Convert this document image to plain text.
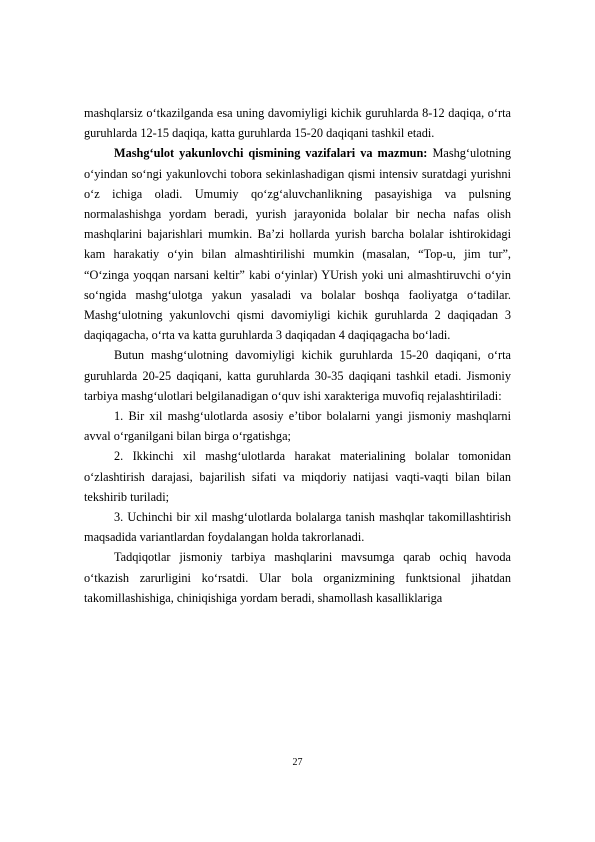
mashqlarsiz o‘tkazilganda esa uning davomiyligi kichik guruhlarda 8-12 daqiqa, o‘rta guruhlarda 12-15 daqiqa, katta guruhlarda 15-20 daqiqani tashkil etadi.

Mashg‘ulot yakunlovchi qismining vazifalari va mazmun: Mashg‘ulotning o‘yindan so‘ngi yakunlovchi tobora sekinlashadigan qismi intensiv suratdagi yurishni o‘z ichiga oladi. Umumiy qo‘zg‘aluvchanlikning pasayishiga va pulsning normalashishga yordam beradi, yurish jarayonida bolalar bir necha nafas olish mashqlarini bajarishlari mumkin. Ba’zi hollarda yurish barcha bolalar ishtirokidagi kam harakatiy o‘yin bilan almashtirilishi mumkin (masalan, “Top-u, jim tur”, “O‘zinga yoqqan narsani keltir” kabi o‘yinlar) YUrish yoki uni almashtiruvchi o‘yin so‘ngida mashg‘ulotga yakun yasaladi va bolalar boshqa faoliyatga o‘tadilar. Mashg‘ulotning yakunlovchi qismi davomiyligi kichik guruhlarda 2 daqiqadan 3 daqiqagacha, o‘rta va katta guruhlarda 3 daqiqadan 4 daqiqagacha bo‘ladi.

Butun mashg‘ulotning davomiyligi kichik guruhlarda 15-20 daqiqani, o‘rta guruhlarda 20-25 daqiqani, katta guruhlarda 30-35 daqiqani tashkil etadi. Jismoniy tarbiya mashg‘ulotlari belgilanadigan o‘quv ishi xarakteriga muvofiq rejalashtiriladi:

1. Bir xil mashg‘ulotlarda asosiy e’tibor bolalarni yangi jismoniy mashqlarni avval o‘rganilgani bilan birga o‘rgatishga;

2. Ikkinchi xil mashg‘ulotlarda harakat materialining bolalar tomonidan o‘zlashtirish darajasi, bajarilish sifati va miqdoriy natijasi vaqti-vaqti bilan bilan tekshirib turiladi;

3. Uchinchi bir xil mashg‘ulotlarda bolalarga tanish mashqlar takomillashtirish maqsadida variantlardan foydalangan holda takrorlanadi.

Tadqiqotlar jismoniy tarbiya mashqlarini mavsumga qarab ochiq havoda o‘tkazish zarurligini ko‘rsatdi. Ular bola organizmining funktsional jihatdan takomillashishiga, chiniqishiga yordam beradi, shamollash kasalliklariga

27
